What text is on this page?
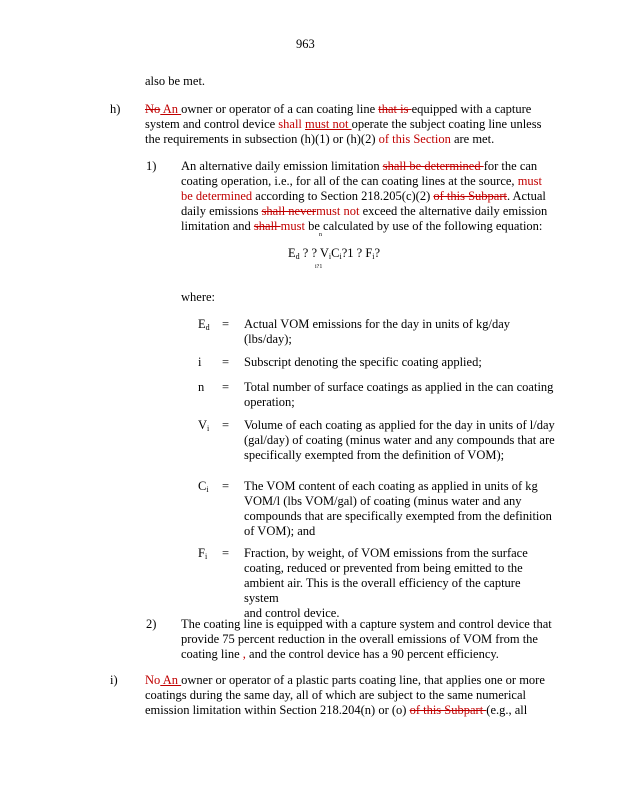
963
also be met.
h) No An owner or operator of a can coating line that is equipped with a capture
system and control device shall must not operate the subject coating line unless
the requirements in subsection (h)(1) or (h)(2) of this Section are met.
1) An alternative daily emission limitation shall be determined for the can
coating operation, i.e., for all of the can coating lines at the source, must
be determined according to Section 218.205(c)(2) of this Subpart. Actual
daily emissions shall nevermust not exceed the alternative daily emission
limitation and shall must be calculated by use of the following equation:
n
$E_d$ ? ? $V_iC_i?1$ ? $F_i$?
i?1
where:
$E_d$ = Actual VOM emissions for the day in units of kg/day
(lbs/day);
i	= Subscript denoting the specific coating applied;
n	= Total number of surface coatings as applied in the can coating
operation;
$V_i$	= Volume of each coating as applied for the day in units of l/day
(gal/day) of coating (minus water and any compounds that are
specifically exempted from the definition of VOM);
$C_i$	= The VOM content of each coating as applied in units of kg
VOM/l (lbs VOM/gal) of coating (minus water and any
compounds that are specifically exempted from the definition
of VOM); and
$F_i$	= Fraction, by weight, of VOM emissions from the surface
coating, reduced or prevented from being emitted to the
ambient air. This is the overall efficiency of the capture system
and control device.
2) The coating line is equipped with a capture system and control device that
provide 75 percent reduction in the overall emissions of VOM from the
coating line , and the control device has a 90 percent efficiency.
i) No An owner or operator of a plastic parts coating line, that applies one or more
coatings during the same day, all of which are subject to the same numerical
emission limitation within Section 218.204(n) or (o) of this Subpart (e.g., all
